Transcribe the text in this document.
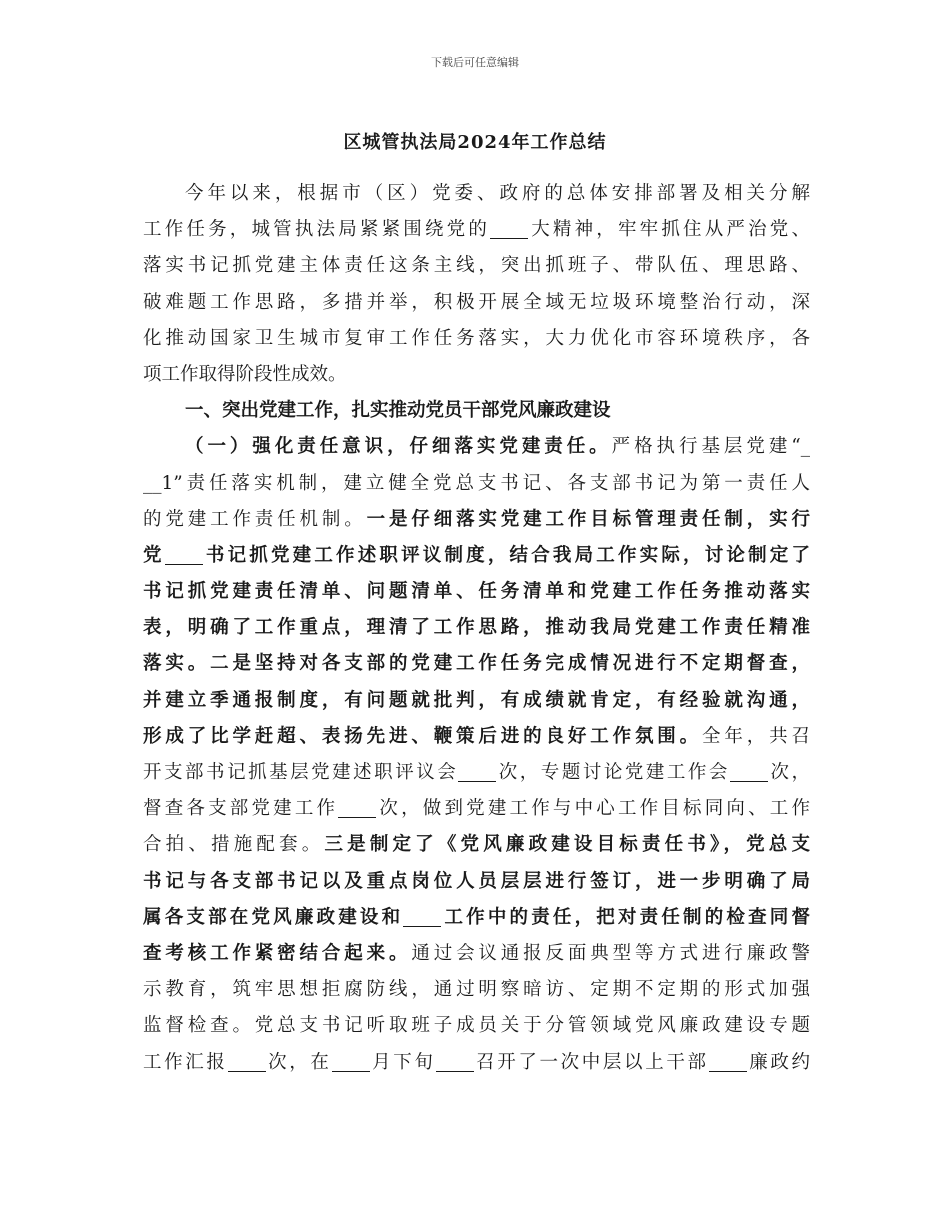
下载后可任意编辑
区城管执法局2024年工作总结
今年以来，根据市（区）党委、政府的总体安排部署及相关分解
工作任务，城管执法局紧紧围绕党的 大精神，牢牢抓住从严治党、
落实书记抓党建主体责任这条主线，突出抓班子、带队伍、理思路、
破难题工作思路，多措并举，积极开展全域无垃圾环境整治行动，深
化推动国家卫生城市复审工作任务落实，大力优化市容环境秩序，各
项工作取得阶段性成效。
一、突出党建工作，扎实推动党员干部党风廉政建设
（一）强化责任意识，仔细落实党建责任。严格执行基层党建“_
__1”责任落实机制，建立健全党总支书记、各支部书记为第一责任人
的党建工作责任机制。一是仔细落实党建工作目标管理责任制，实行
党 书记抓党建工作述职评议制度，结合我局工作实际，讨论制定了
书记抓党建责任清单、问题清单、任务清单和党建工作任务推动落实
表，明确了工作重点，理清了工作思路，推动我局党建工作责任精准
落实。二是坚持对各支部的党建工作任务完成情况进行不定期督查，
并建立季通报制度，有问题就批判，有成绩就肯定，有经验就沟通，
形成了比学赶超、表扬先进、鞭策后进的良好工作氛围。全年，共召
开支部书记抓基层党建述职评议会 次，专题讨论党建工作会 次，
督查各支部党建工作 次，做到党建工作与中心工作目标同向、工作
合拍、措施配套。三是制定了《党风廉政建设目标责任书》，党总支
书记与各支部书记以及重点岗位人员层层进行签订，进一步明确了局
属各支部在党风廉政建设和 工作中的责任，把对责任制的检查同督
查考核工作紧密结合起来。通过会议通报反面典型等方式进行廉政警
示教育，筑牢思想拒腐防线，通过明察暗访、定期不定期的形式加强
监督检查。党总支书记听取班子成员关于分管领域党风廉政建设专题
工作汇报 次，在 月下旬 召开了一次中层以上干部 廉政约
